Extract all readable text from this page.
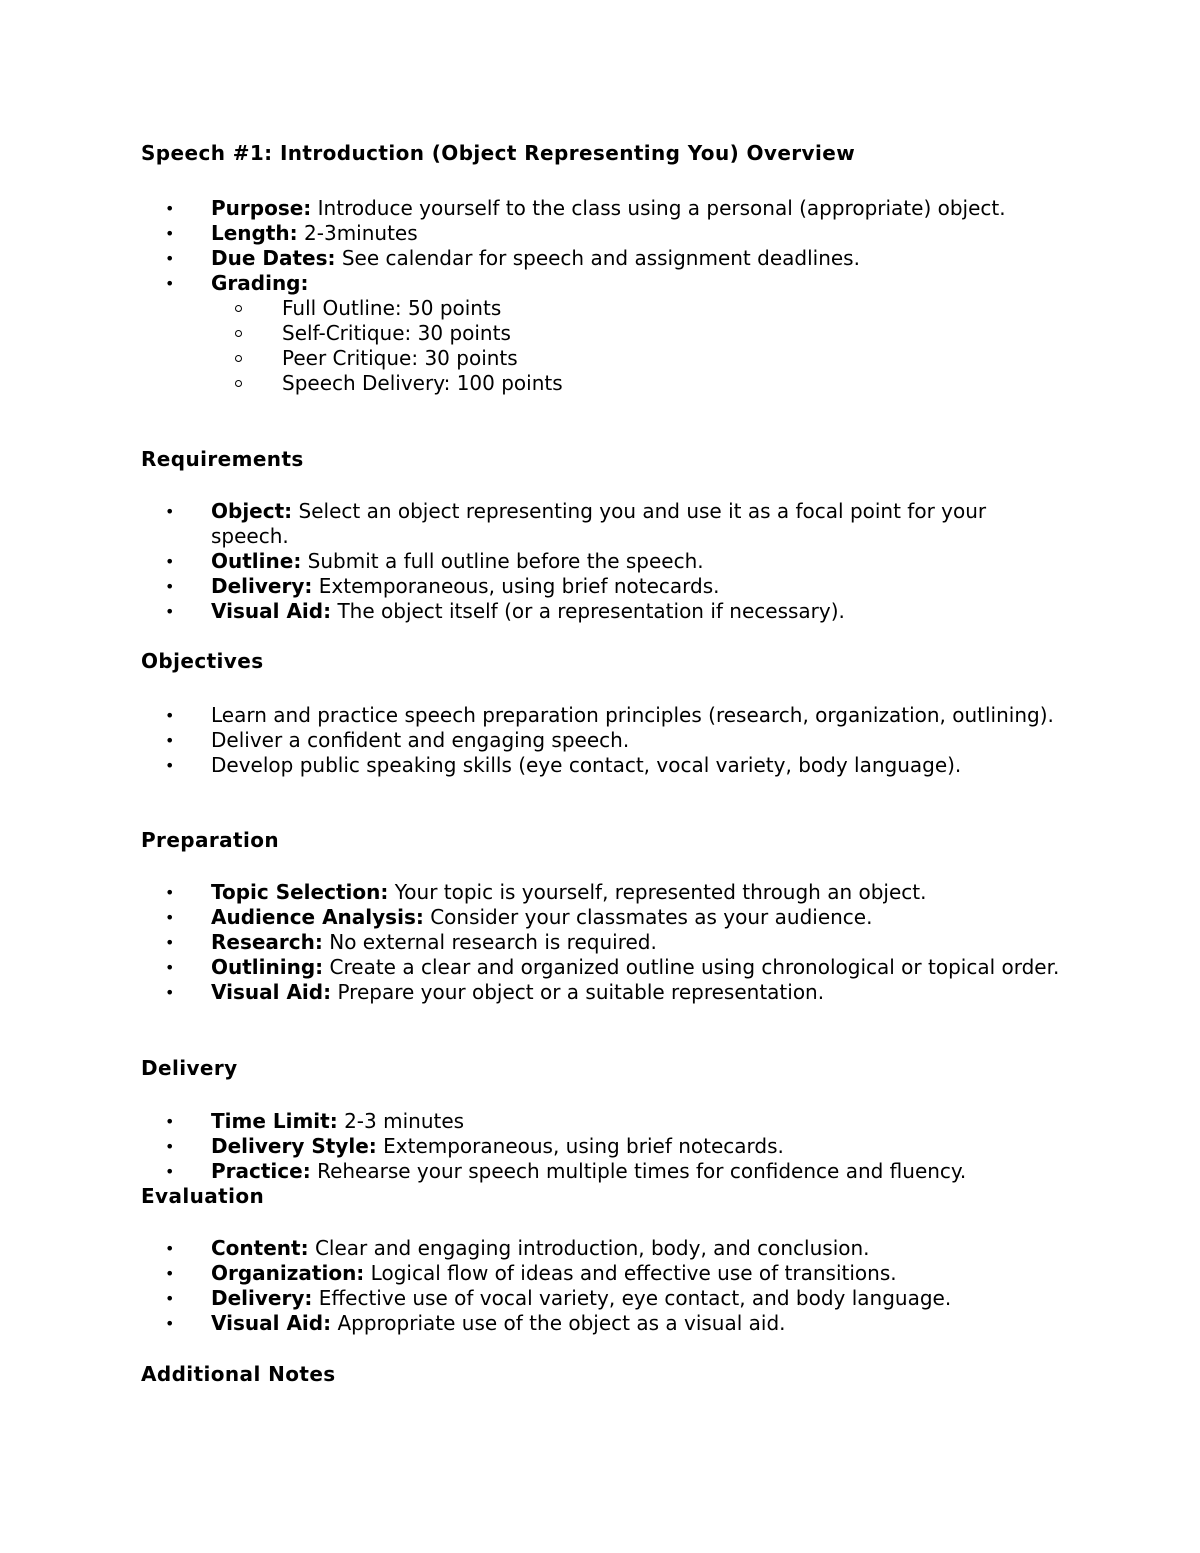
Speech #1: Introduction (Object Representing You) Overview
• Purpose: Introduce yourself to the class using a personal (appropriate) object.
• Length: 2-3minutes
• Due Dates: See calendar for speech and assignment deadlines.
• Grading:
Full Outline: 50 points
Self-Critique: 30 points
Peer Critique: 30 points
Speech Delivery: 100 points
Requirements
• Object: Select an object representing you and use it as a focal point for your speech.
• Outline: Submit a full outline before the speech.
• Delivery: Extemporaneous, using brief notecards.
• Visual Aid: The object itself (or a representation if necessary).
Objectives
• Learn and practice speech preparation principles (research, organization, outlining).
• Deliver a confident and engaging speech.
• Develop public speaking skills (eye contact, vocal variety, body language).
Preparation
• Topic Selection: Your topic is yourself, represented through an object.
• Audience Analysis: Consider your classmates as your audience.
• Research: No external research is required.
• Outlining: Create a clear and organized outline using chronological or topical order.
• Visual Aid: Prepare your object or a suitable representation.
Delivery
• Time Limit: 2-3 minutes
• Delivery Style: Extemporaneous, using brief notecards.
• Practice: Rehearse your speech multiple times for confidence and fluency.
Evaluation
• Content: Clear and engaging introduction, body, and conclusion.
• Organization: Logical flow of ideas and effective use of transitions.
• Delivery: Effective use of vocal variety, eye contact, and body language.
• Visual Aid: Appropriate use of the object as a visual aid.
Additional Notes
